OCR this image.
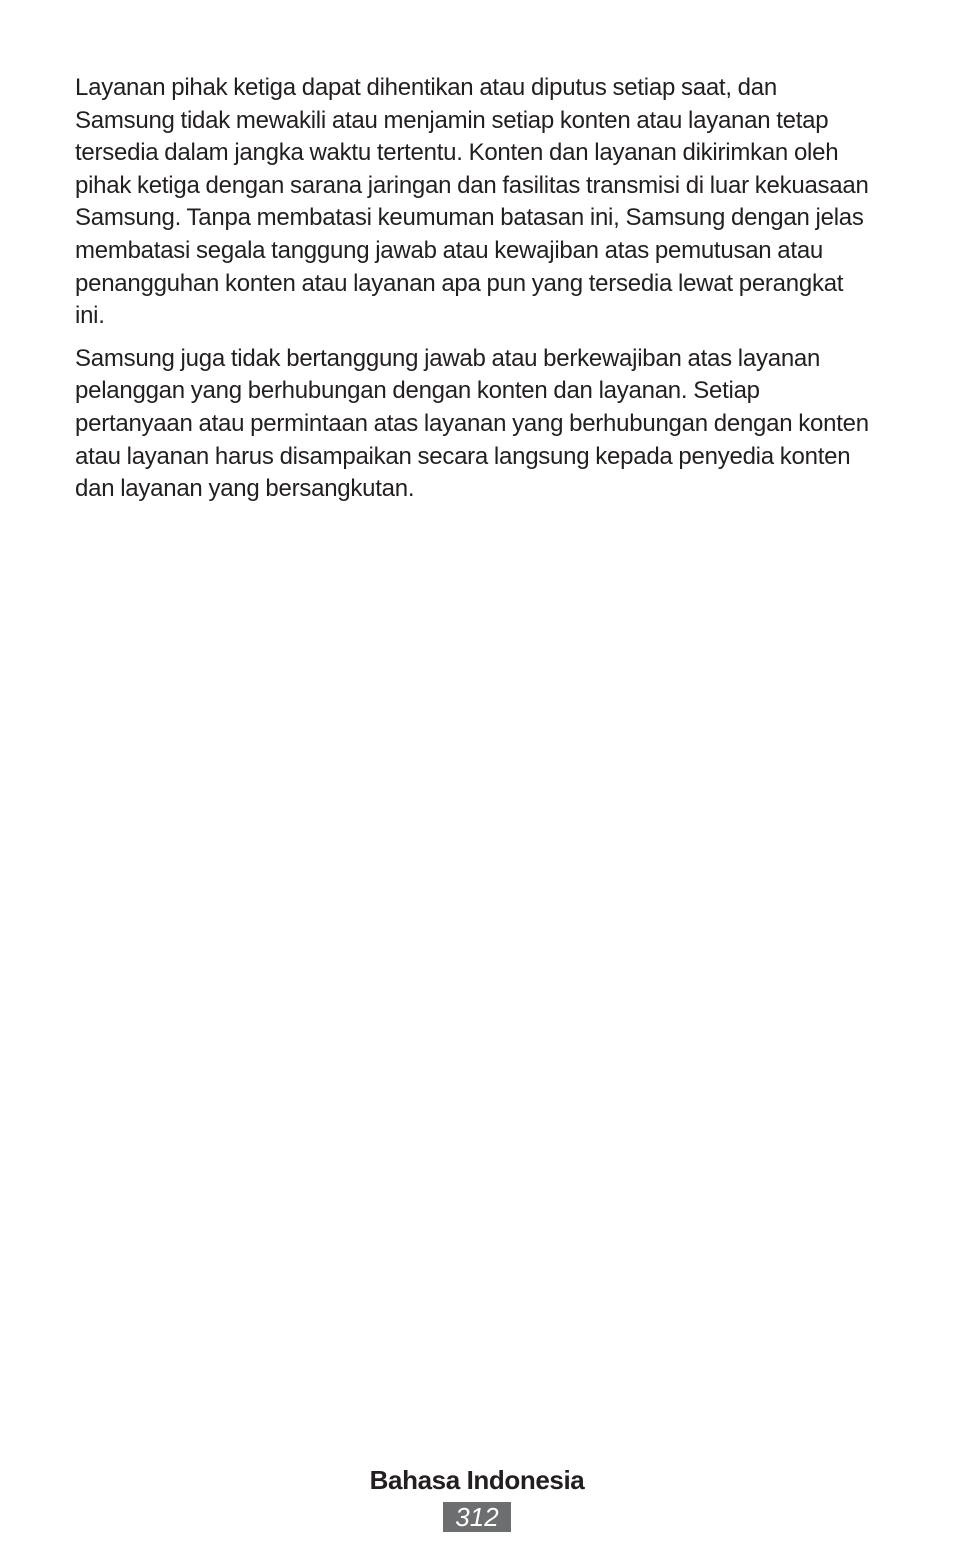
Layanan pihak ketiga dapat dihentikan atau diputus setiap saat, dan Samsung tidak mewakili atau menjamin setiap konten atau layanan tetap tersedia dalam jangka waktu tertentu. Konten dan layanan dikirimkan oleh pihak ketiga dengan sarana jaringan dan fasilitas transmisi di luar kekuasaan Samsung. Tanpa membatasi keumuman batasan ini, Samsung dengan jelas membatasi segala tanggung jawab atau kewajiban atas pemutusan atau penangguhan konten atau layanan apa pun yang tersedia lewat perangkat ini.

Samsung juga tidak bertanggung jawab atau berkewajiban atas layanan pelanggan yang berhubungan dengan konten dan layanan. Setiap pertanyaan atau permintaan atas layanan yang berhubungan dengan konten atau layanan harus disampaikan secara langsung kepada penyedia konten dan layanan yang bersangkutan.

Bahasa Indonesia
312
